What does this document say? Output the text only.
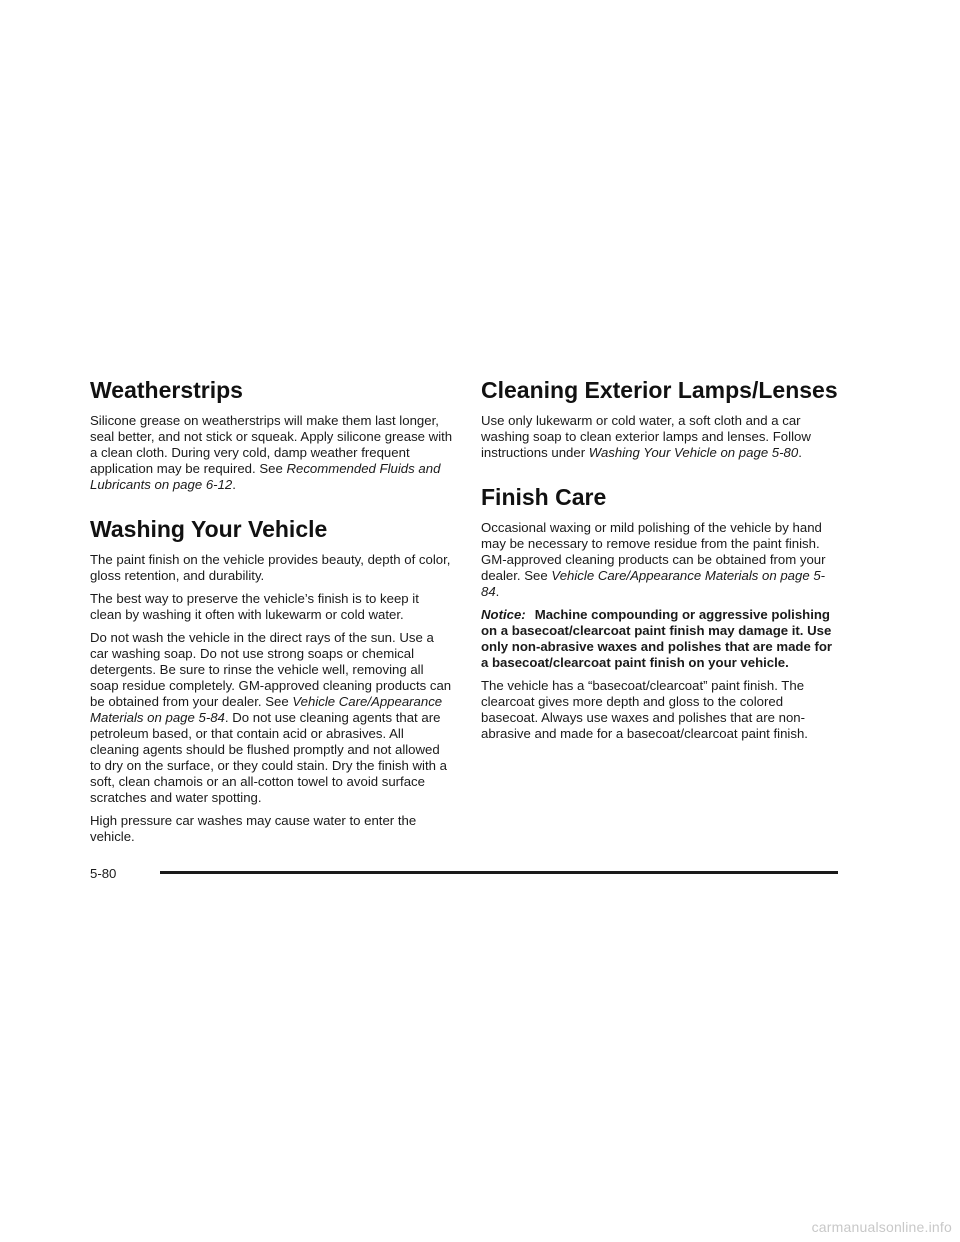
Weatherstrips

Silicone grease on weatherstrips will make them last longer, seal better, and not stick or squeak. Apply silicone grease with a clean cloth. During very cold, damp weather frequent application may be required. See Recommended Fluids and Lubricants on page 6-12.

Washing Your Vehicle

The paint finish on the vehicle provides beauty, depth of color, gloss retention, and durability.

The best way to preserve the vehicle’s finish is to keep it clean by washing it often with lukewarm or cold water.

Do not wash the vehicle in the direct rays of the sun. Use a car washing soap. Do not use strong soaps or chemical detergents. Be sure to rinse the vehicle well, removing all soap residue completely. GM-approved cleaning products can be obtained from your dealer. See Vehicle Care/Appearance Materials on page 5-84. Do not use cleaning agents that are petroleum based, or that contain acid or abrasives. All cleaning agents should be flushed promptly and not allowed to dry on the surface, or they could stain. Dry the finish with a soft, clean chamois or an all-cotton towel to avoid surface scratches and water spotting.

High pressure car washes may cause water to enter the vehicle.

Cleaning Exterior Lamps/Lenses

Use only lukewarm or cold water, a soft cloth and a car washing soap to clean exterior lamps and lenses. Follow instructions under Washing Your Vehicle on page 5-80.

Finish Care

Occasional waxing or mild polishing of the vehicle by hand may be necessary to remove residue from the paint finish. GM-approved cleaning products can be obtained from your dealer. See Vehicle Care/Appearance Materials on page 5-84.

Notice: Machine compounding or aggressive polishing on a basecoat/clearcoat paint finish may damage it. Use only non-abrasive waxes and polishes that are made for a basecoat/clearcoat paint finish on your vehicle.

The vehicle has a “basecoat/clearcoat” paint finish. The clearcoat gives more depth and gloss to the colored basecoat. Always use waxes and polishes that are non-abrasive and made for a basecoat/clearcoat paint finish.

5-80
carmanualsonline.info
